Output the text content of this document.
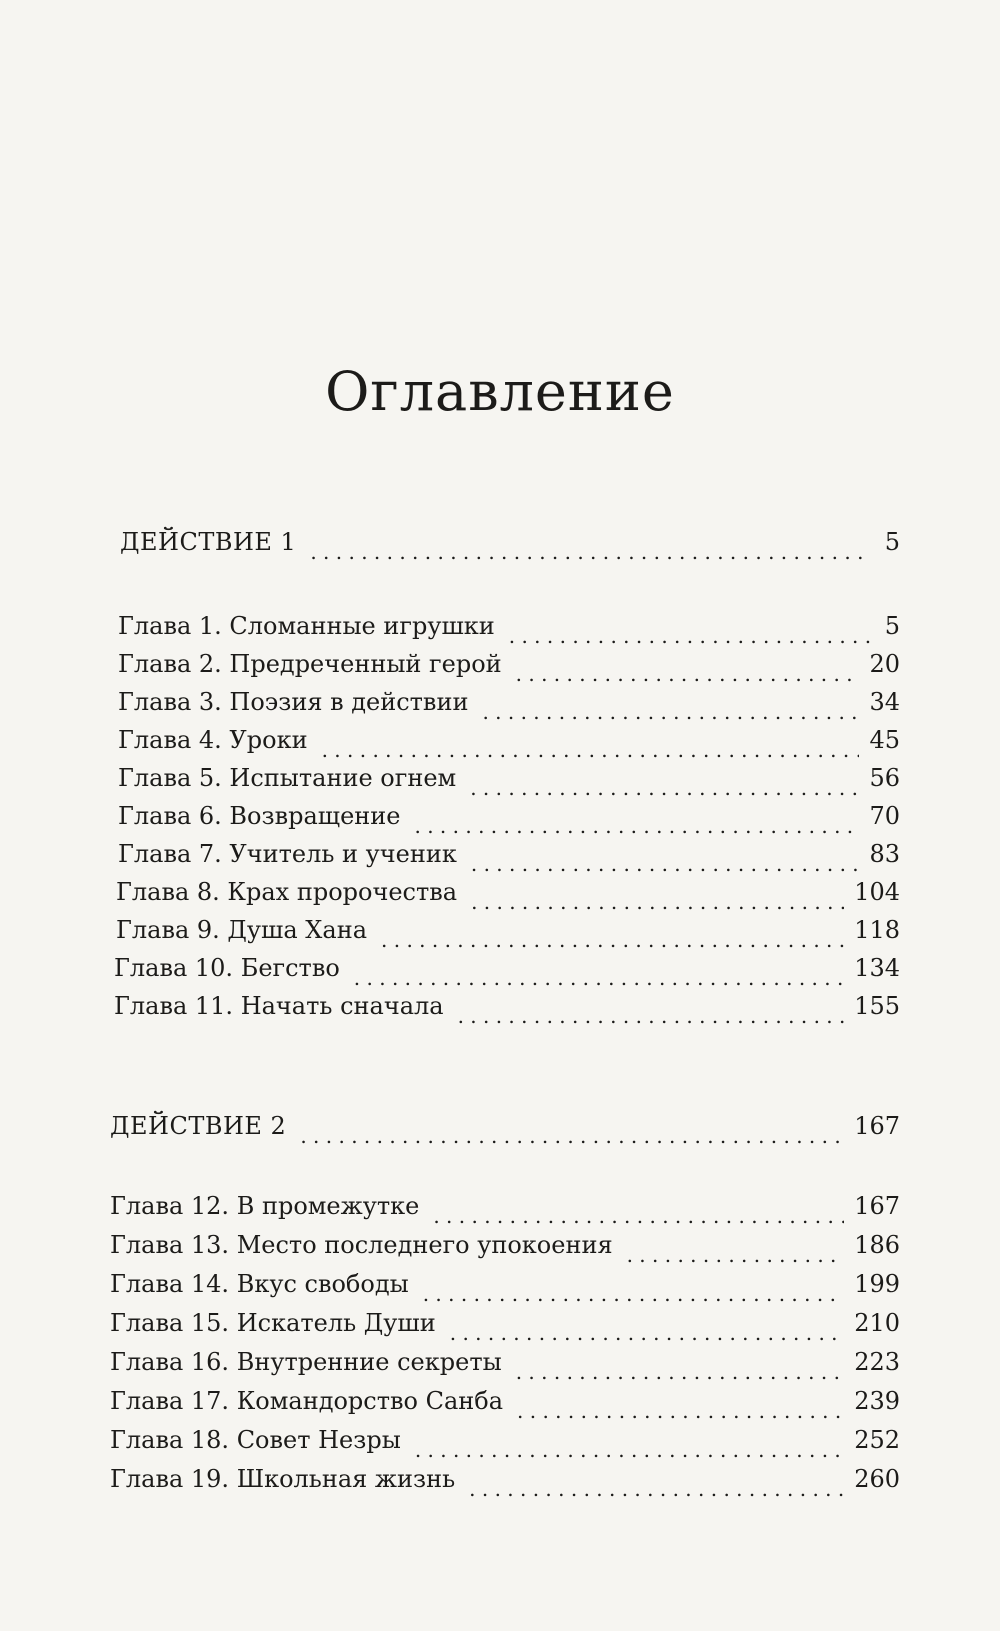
Оглавление
ДЕЙСТВИЕ 1 . . .	5
Глава 1. Сломанные игрушки . . .	5
Глава 2. Предреченный герой . . .	20
Глава 3. Поэзия в действии . . .	34
Глава 4. Уроки . . .	45
Глава 5. Испытание огнем . . .	56
Глава 6. Возвращение . . .	70
Глава 7. Учитель и ученик . . .	83
Глава 8. Крах пророчества . . .	104
Глава 9. Душа Хана . . .	118
Глава 10. Бегство . . .	134
Глава 11. Начать сначала . . .	155
ДЕЙСТВИЕ 2 . . .	167
Глава 12. В промежутке . . .	167
Глава 13. Место последнего упокоения . . .	186
Глава 14. Вкус свободы . . .	199
Глава 15. Искатель Души . . .	210
Глава 16. Внутренние секреты . . .	223
Глава 17. Командорство Санба . . .	239
Глава 18. Совет Незры . . .	252
Глава 19. Школьная жизнь . . .	260
